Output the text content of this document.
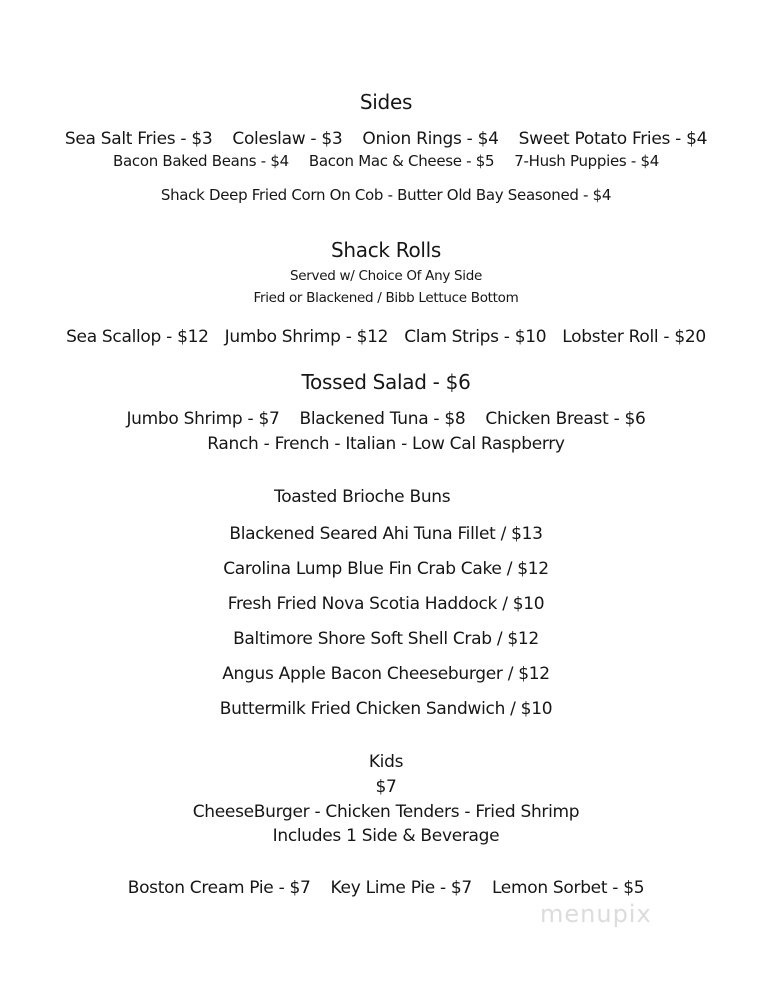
Sides
Sea Salt Fries - $3 Coleslaw - $3 Onion Rings - $4 Sweet Potato Fries - $4
Bacon Baked Beans - $4 Bacon Mac & Cheese - $5 7-Hush Puppies - $4
Shack Deep Fried Corn On Cob - Butter Old Bay Seasoned - $4
Shack Rolls
Served w/ Choice Of Any Side
Fried or Blackened / Bibb Lettuce Bottom
Sea Scallop - $12 Jumbo Shrimp - $12 Clam Strips - $10 Lobster Roll - $20
Tossed Salad - $6
Jumbo Shrimp - $7 Blackened Tuna - $8 Chicken Breast - $6
Ranch - French - Italian - Low Cal Raspberry
Toasted Brioche Buns
Blackened Seared Ahi Tuna Fillet / $13
Carolina Lump Blue Fin Crab Cake / $12
Fresh Fried Nova Scotia Haddock / $10
Baltimore Shore Soft Shell Crab / $12
Angus Apple Bacon Cheeseburger / $12
Buttermilk Fried Chicken Sandwich / $10
Kids
$7
CheeseBurger - Chicken Tenders - Fried Shrimp
Includes 1 Side & Beverage
Boston Cream Pie - $7 Key Lime Pie - $7 Lemon Sorbet - $5
menupix
